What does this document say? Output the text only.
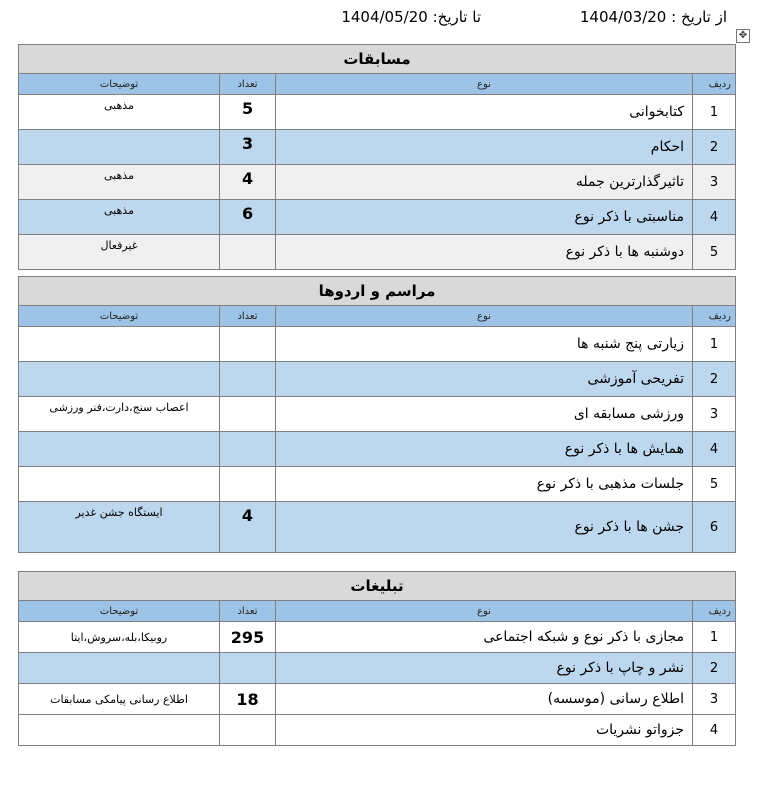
از تاریخ : 1404/03/20
تا تاریخ: 1404/05/20
✥
مسابقات			
ردیف	نوع	تعداد	توضیحات
1	کتابخوانی	5	مذهبی
2	احکام	3	
3	تاثیرگذارترین جمله	4	مذهبی
4	مناسبتی با ذکر نوع	6	مذهبی
5	دوشنبه ها با ذکر نوع		غیرفعال
مراسم و اردوها			
ردیف	نوع	تعداد	توضیحات
1	زیارتی پنج شنبه ها		
2	تفریحی آموزشی		
3	ورزشی مسابقه ای		اعصاب سنج،دارت،فنر ورزشی
4	همایش ها با ذکر نوع		
5	جلسات مذهبی با ذکر نوع		
6	جشن ها با ذکر نوع	4	ایستگاه جشن غدیر
تبلیغات			
ردیف	نوع	تعداد	توضیحات
1	مجازی با ذکر نوع و شبکه اجتماعی	295	روبیکا،بله،سروش،ایتا
2	نشر و چاپ با ذکر نوع		
3	اطلاع رسانی (موسسه)	18	اطلاع رسانی پیامکی مسابقات
4	جزواتو نشریات		
